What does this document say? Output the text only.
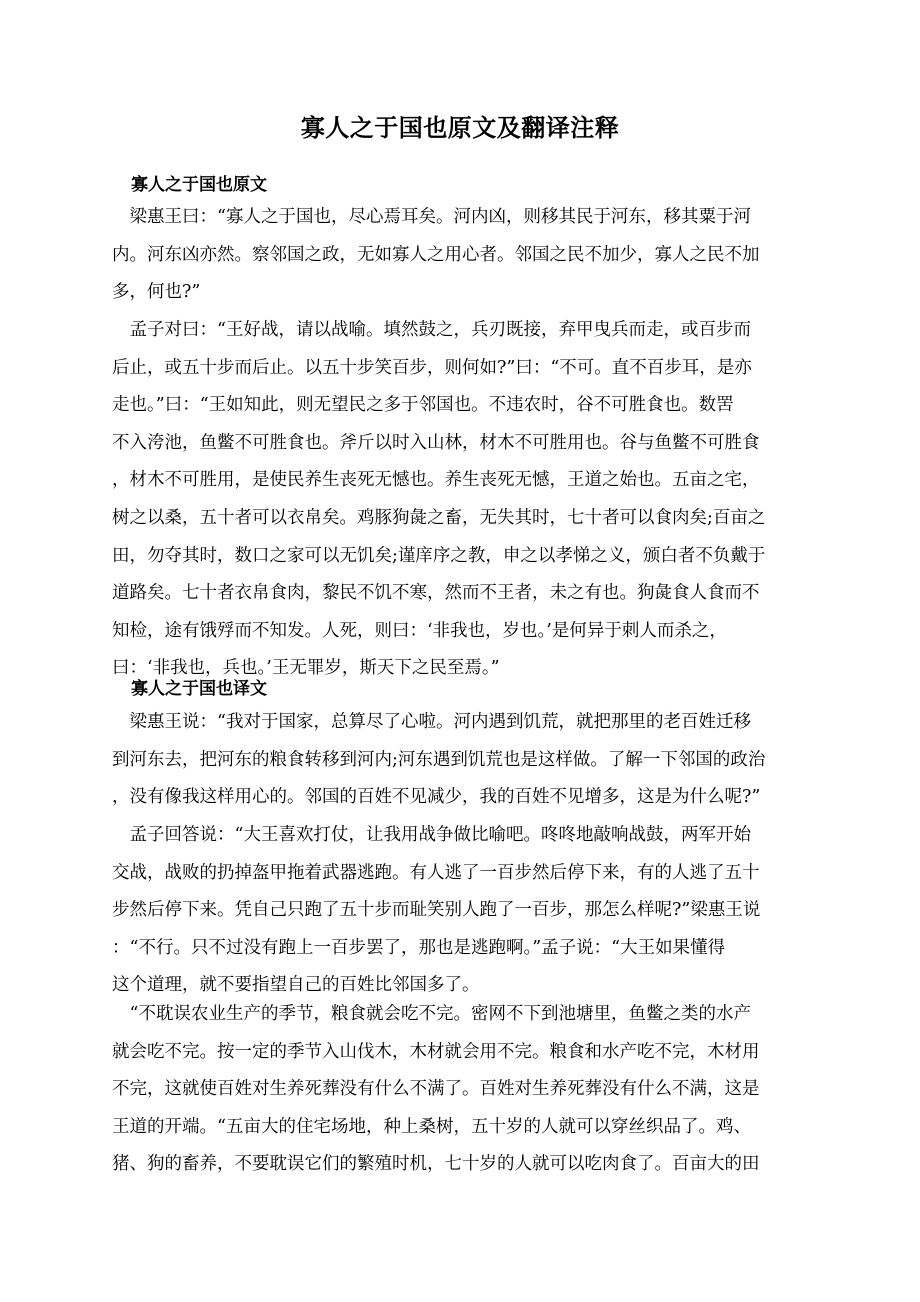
寡人之于国也原文及翻译注释
寡人之于国也原文
　梁惠王曰：“寡人之于国也，尽心焉耳矣。河内凶，则移其民于河东，移其粟于河
内。河东凶亦然。察邻国之政，无如寡人之用心者。邻国之民不加少，寡人之民不加
多，何也?”
　孟子对曰：“王好战，请以战喻。填然鼓之，兵刃既接，弃甲曳兵而走，或百步而
后止，或五十步而后止。以五十步笑百步，则何如?”曰：“不可。直不百步耳，是亦
走也。”曰：“王如知此，则无望民之多于邻国也。不违农时，谷不可胜食也。数罟
不入洿池，鱼鳖不可胜食也。斧斤以时入山林，材木不可胜用也。谷与鱼鳖不可胜食
，材木不可胜用，是使民养生丧死无憾也。养生丧死无憾，王道之始也。五亩之宅，
树之以桑，五十者可以衣帛矣。鸡豚狗彘之畜，无失其时，七十者可以食肉矣;百亩之
田，勿夺其时，数口之家可以无饥矣;谨庠序之教，申之以孝悌之义，颁白者不负戴于
道路矣。七十者衣帛食肉，黎民不饥不寒，然而不王者，未之有也。狗彘食人食而不
知检，途有饿殍而不知发。人死，则曰：‘非我也，岁也。’是何异于刺人而杀之，
曰：‘非我也，兵也。’王无罪岁，斯天下之民至焉。”
寡人之于国也译文
　梁惠王说：“我对于国家，总算尽了心啦。河内遇到饥荒，就把那里的老百姓迁移
到河东去，把河东的粮食转移到河内;河东遇到饥荒也是这样做。了解一下邻国的政治
，没有像我这样用心的。邻国的百姓不见减少，我的百姓不见增多，这是为什么呢?”
　孟子回答说：“大王喜欢打仗，让我用战争做比喻吧。咚咚地敲响战鼓，两军开始
交战，战败的扔掉盔甲拖着武器逃跑。有人逃了一百步然后停下来，有的人逃了五十
步然后停下来。凭自己只跑了五十步而耻笑别人跑了一百步，那怎么样呢?”梁惠王说
：“不行。只不过没有跑上一百步罢了，那也是逃跑啊。”孟子说：“大王如果懂得
这个道理，就不要指望自己的百姓比邻国多了。
　“不耽误农业生产的季节，粮食就会吃不完。密网不下到池塘里，鱼鳖之类的水产
就会吃不完。按一定的季节入山伐木，木材就会用不完。粮食和水产吃不完，木材用
不完，这就使百姓对生养死葬没有什么不满了。百姓对生养死葬没有什么不满，这是
王道的开端。“五亩大的住宅场地，种上桑树，五十岁的人就可以穿丝织品了。鸡、
猪、狗的畜养，不要耽误它们的繁殖时机，七十岁的人就可以吃肉食了。百亩大的田
